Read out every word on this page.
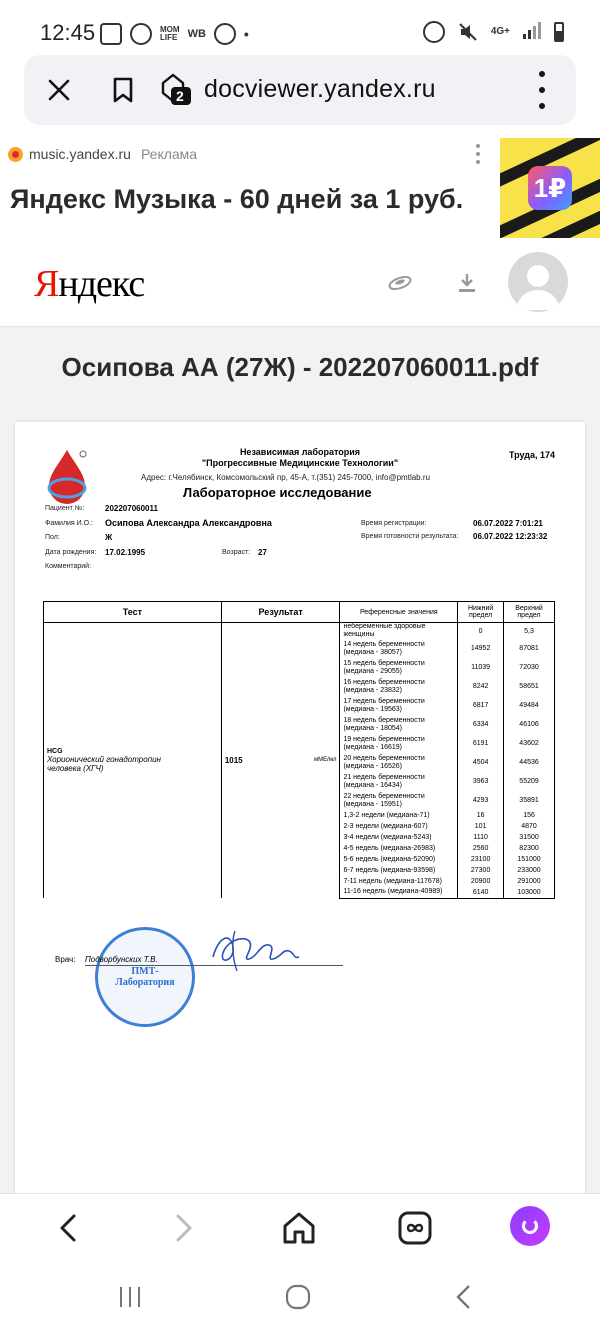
12:45	MOM
LIFE WB	•	4G+
2 docviewer.yandex.ru
music.yandex.ru Реклама
Яндекс Музыка - 60 дней за 1 руб.	1₽
Яндекс
Осипова АА (27Ж) - 202207060011.pdf
Независимая лаборатория
"Прогрессивные Медицинские Технологии"
Адрес: г.Челябинск, Комсомольский пр, 45-А, т.(351) 245-7000, info@pmtlab.ru
Труда, 174
Лабораторное исследование
Пациент №:	202207060011
Фамилия И.О.: Осипова Александра Александровна
Пол:	Ж
Дата рождения: 17.02.1995	Возраст: 27
Комментарий:
Время регистрации:	06.07.2022 7:01:21
Время готовности результата: 06.07.2022 12:23:32
Тест	Результат	Референсные значения	Нижний предел	Верхний предел
HCGХорионический гонадотропин человека (ХГЧ)	1015 мМЕ/мл	небеременные здоровые женщины	0	5,3
		14 недель беременности (медиана - 38057)	14952	87081
		15 недель беременности (медиана - 29055)	11039	72030
		16 недель беременности (медиана - 23832)	8242	58651
		17 недель беременности (медиана - 19563)	6817	49484
		18 недель беременности (медиана - 18054)	6334	46106
		19 недель беременности (медиана - 16619)	6191	43602
		20 недель беременности (медиана - 16526)	4504	44536
		21 недель беременности (медиана - 16434)	3963	55209
		22 недель беременности (медиана - 15951)	4293	35891
		1,3-2 недели (медиана-71)	16	156
		2-3 недели (медиана-607)	101	4870
		3-4 недели (медиана-5243)	1110	31500
		4-5 недель (медиана-26983)	2560	82300
		5-6 недель (медиана-52090)	23100	151000
		6-7 недель (медиана-93598)	27300	233000
		7-11 недель (медиана-117678)	20900	291000
		11-16 недель (медиана-40989)	6140	103000
ПМТ-Лаборатория
Врач: Подворбунских Т.В.
